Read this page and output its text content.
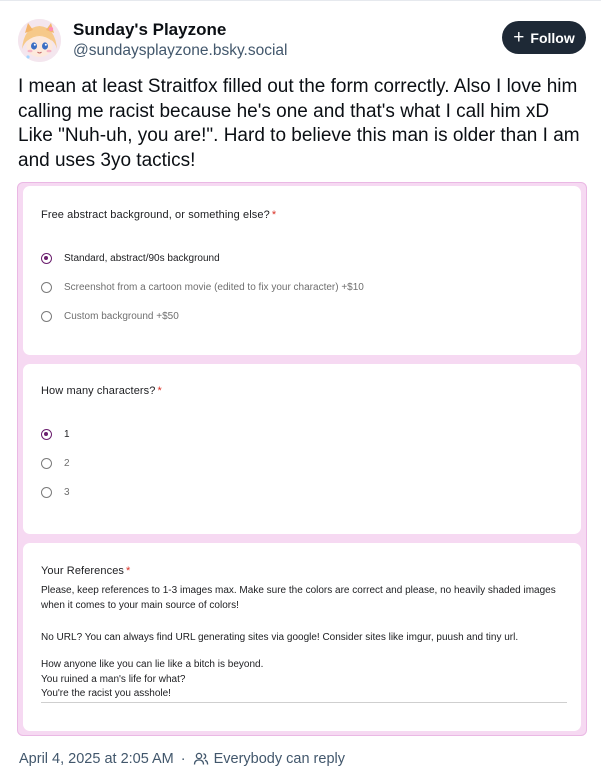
Sunday's Playzone
@sundaysplayzone.bsky.social
+ Follow
I mean at least Straitfox filled out the form correctly. Also I love him calling me racist because he's one and that's what I call him xD Like "Nuh-uh, you are!". Hard to believe this man is older than I am and uses 3yo tactics!
Free abstract background, or something else? *
Standard, abstract/90s background
Screenshot from a cartoon movie (edited to fix your character) +$10
Custom background +$50
How many characters? *
1
2
3
Your References *
Please, keep references to 1-3 images max. Make sure the colors are correct and please, no heavily shaded images when it comes to your main source of colors!
No URL? You can always find URL generating sites via google! Consider sites like imgur, puush and tiny url.
How anyone like you can lie like a bitch is beyond.
You ruined a man's life for what?
You're the racist you asshole!
April 4, 2025 at 2:05 AM · Everybody can reply
